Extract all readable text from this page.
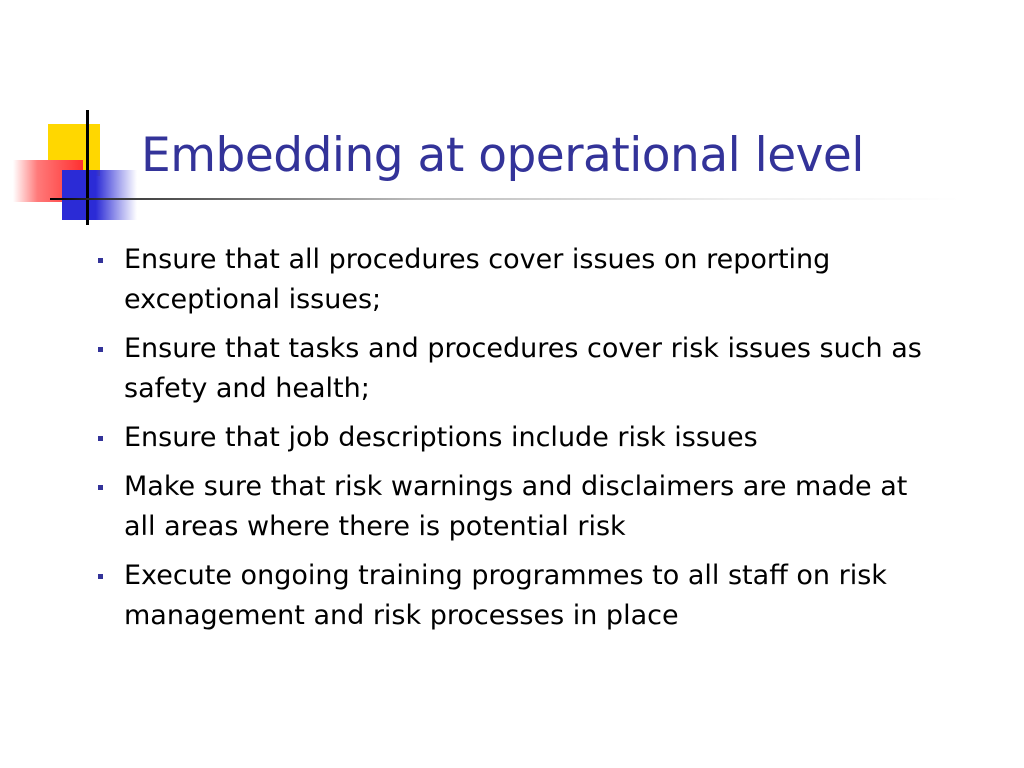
Embedding at operational level
Ensure that all procedures cover issues on reporting exceptional issues;
Ensure that tasks and procedures cover risk issues such as safety and health;
Ensure that job descriptions include risk issues
Make sure that risk warnings and disclaimers are made at all areas where there is potential risk
Execute ongoing training programmes to all staff on risk management and risk processes in place
